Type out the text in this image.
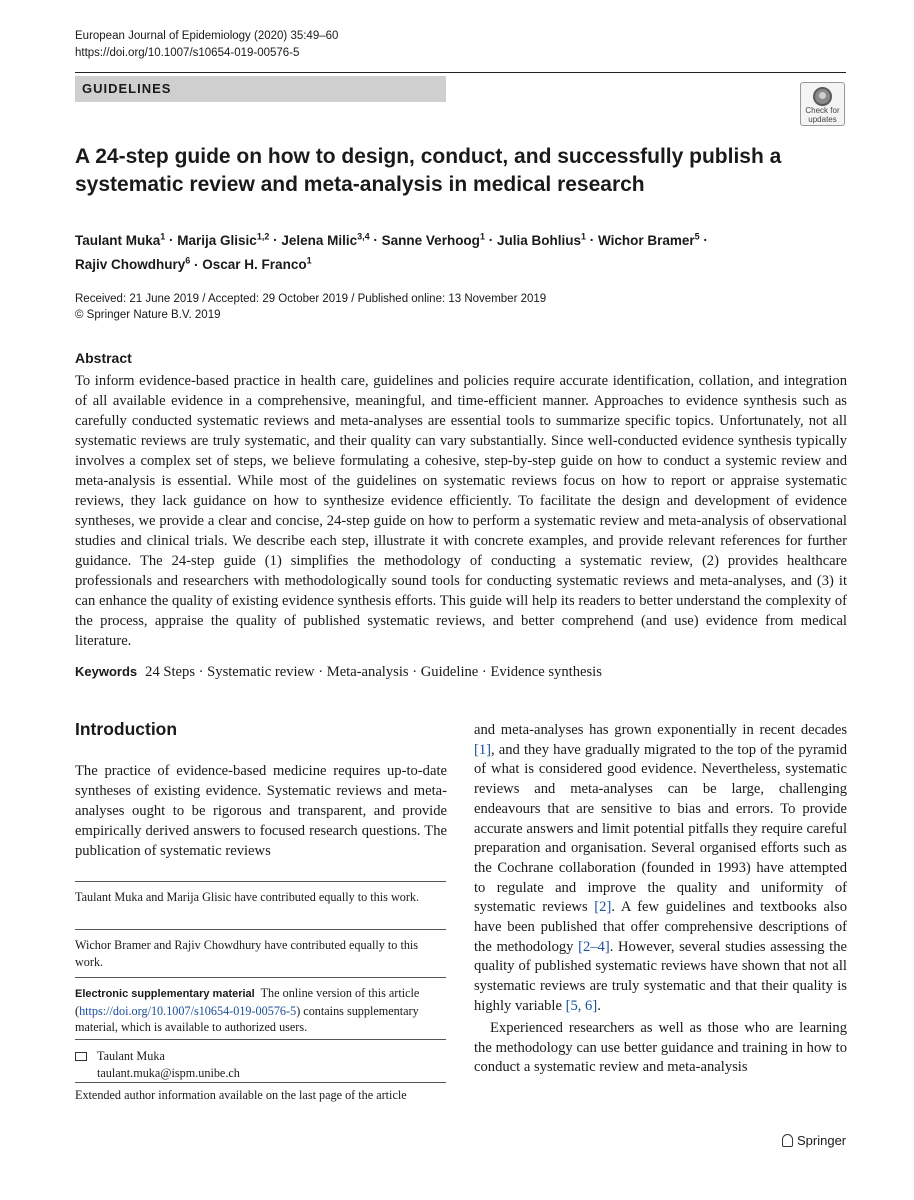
European Journal of Epidemiology (2020) 35:49–60
https://doi.org/10.1007/s10654-019-00576-5
GUIDELINES
Check for updates
A 24-step guide on how to design, conduct, and successfully publish a systematic review and meta-analysis in medical research
Taulant Muka$^1$ · Marija Glisic$^{1,2}$ · Jelena Milic$^{3,4}$ · Sanne Verhoog$^1$ · Julia Bohlius$^1$ · Wichor Bramer$^5$ ·
Rajiv Chowdhury$^6$ · Oscar H. Franco$^1$
Received: 21 June 2019 / Accepted: 29 October 2019 / Published online: 13 November 2019
© Springer Nature B.V. 2019
Abstract

To inform evidence-based practice in health care, guidelines and policies require accurate identification, collation, and integration of all available evidence in a comprehensive, meaningful, and time-efficient manner. Approaches to evidence synthesis such as carefully conducted systematic reviews and meta-analyses are essential tools to summarize specific topics. Unfortunately, not all systematic reviews are truly systematic, and their quality can vary substantially. Since well-conducted evidence synthesis typically involves a complex set of steps, we believe formulating a cohesive, step-by-step guide on how to conduct a systemic review and meta-analysis is essential. While most of the guidelines on systematic reviews focus on how to report or appraise systematic reviews, they lack guidance on how to synthesize evidence efficiently. To facilitate the design and development of evidence syntheses, we provide a clear and concise, 24-step guide on how to perform a systematic review and meta-analysis of observational studies and clinical trials. We describe each step, illustrate it with concrete examples, and provide relevant references for further guidance. The 24-step guide (1) simplifies the methodology of conducting a systematic review, (2) provides healthcare professionals and researchers with methodologically sound tools for conducting systematic reviews and meta-analyses, and (3) it can enhance the quality of existing evidence synthesis efforts. This guide will help its readers to better understand the complexity of the process, appraise the quality of published systematic reviews, and better comprehend (and use) evidence from medical literature.

Keywords 24 Steps · Systematic review · Meta-analysis · Guideline · Evidence synthesis
Introduction

The practice of evidence-based medicine requires up-to-date syntheses of existing evidence. Systematic reviews and meta-analyses ought to be rigorous and transparent, and provide empirically derived answers to focused research questions. The publication of systematic reviews

Taulant Muka and Marija Glisic have contributed equally to this work.

Wichor Bramer and Rajiv Chowdhury have contributed equally to this work.

Electronic supplementary material The online version of this article (https://doi.org/10.1007/s10654-019-00576-5) contains supplementary material, which is available to authorized users.

Taulant Muka
taulant.muka@ispm.unibe.ch

Extended author information available on the last page of the article

and meta-analyses has grown exponentially in recent decades [1], and they have gradually migrated to the top of the pyramid of what is considered good evidence. Nevertheless, systematic reviews and meta-analyses can be large, challenging endeavours that are sensitive to bias and errors. To provide accurate answers and limit potential pitfalls they require careful preparation and organisation. Several organised efforts such as the Cochrane collaboration (founded in 1993) have attempted to regulate and improve the quality and uniformity of systematic reviews [2]. A few guidelines and textbooks also have been published that offer comprehensive descriptions of the methodology [2–4]. However, several studies assessing the quality of published systematic reviews have shown that not all systematic reviews are truly systematic and that their quality is highly variable [5, 6].

Experienced researchers as well as those who are learning the methodology can use better guidance and training in how to conduct a systematic review and meta-analysis

Springer
